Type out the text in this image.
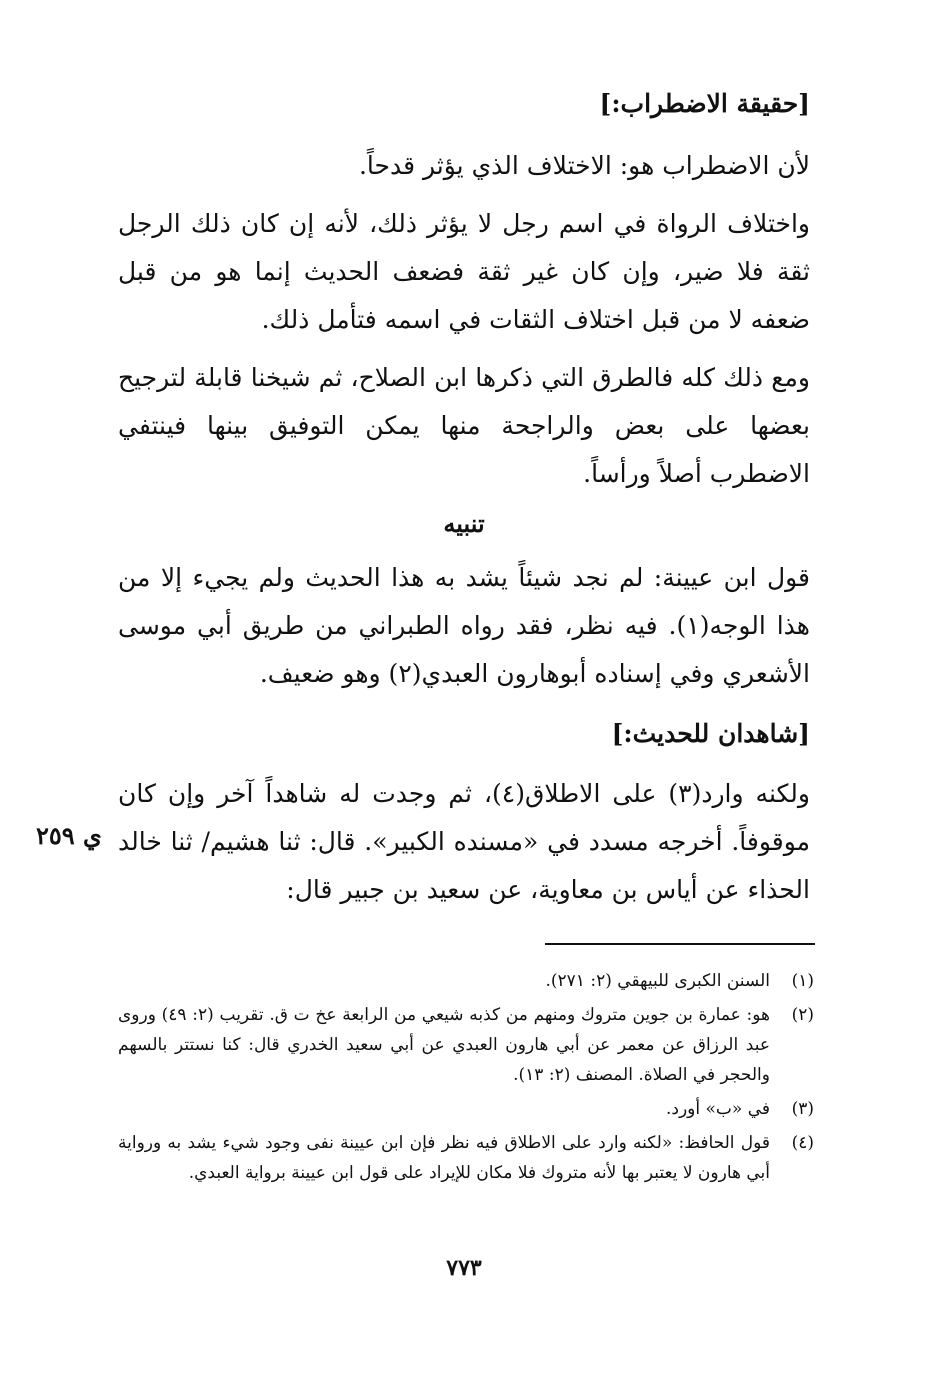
[حقيقة الاضطراب:]
لأن الاضطراب هو: الاختلاف الذي يؤثر قدحاً.
واختلاف الرواة في اسم رجل لا يؤثر ذلك، لأنه إن كان ذلك الرجل ثقة فلا ضير، وإن كان غير ثقة فضعف الحديث إنما هو من قبل ضعفه لا من قبل اختلاف الثقات في اسمه فتأمل ذلك.
ومع ذلك كله فالطرق التي ذكرها ابن الصلاح، ثم شيخنا قابلة لترجيح بعضها على بعض والراجحة منها يمكن التوفيق بينها فينتفي الاضطرب أصلاً ورأساً.
تنبيه
قول ابن عيينة: لم نجد شيئاً يشد به هذا الحديث ولم يجيء إلا من هذا الوجه(١). فيه نظر، فقد رواه الطبراني من طريق أبي موسى الأشعري وفي إسناده أبوهارون العبدي(٢) وهو ضعيف.
[شاهدان للحديث:]
ولكنه وارد(٣) على الاطلاق(٤)، ثم وجدت له شاهداً آخر وإن كان موقوفاً. أخرجه مسدد في «مسنده الكبير». قال: ثنا هشيم/ ثنا خالد الحذاء عن أياس بن معاوية، عن سعيد بن جبير قال:
ي ٢٥٩
(١)
السنن الكبرى للبيهقي (٢: ٢٧١).
(٢)
هو: عمارة بن جوين متروك ومنهم من كذبه شيعي من الرابعة عخ ت ق. تقريب (٢: ٤٩) وروى عبد الرزاق عن معمر عن أبي هارون العبدي عن أبي سعيد الخدري قال: كنا نستتر بالسهم والحجر في الصلاة. المصنف (٢: ١٣).
(٣)
في «ب» أورد.
(٤)
قول الحافظ: «لكنه وارد على الاطلاق فيه نظر فإن ابن عيينة نفى وجود شيء يشد به ورواية أبي هارون لا يعتبر بها لأنه متروك فلا مكان للإيراد على قول ابن عيينة برواية العبدي.
٧٧٣
